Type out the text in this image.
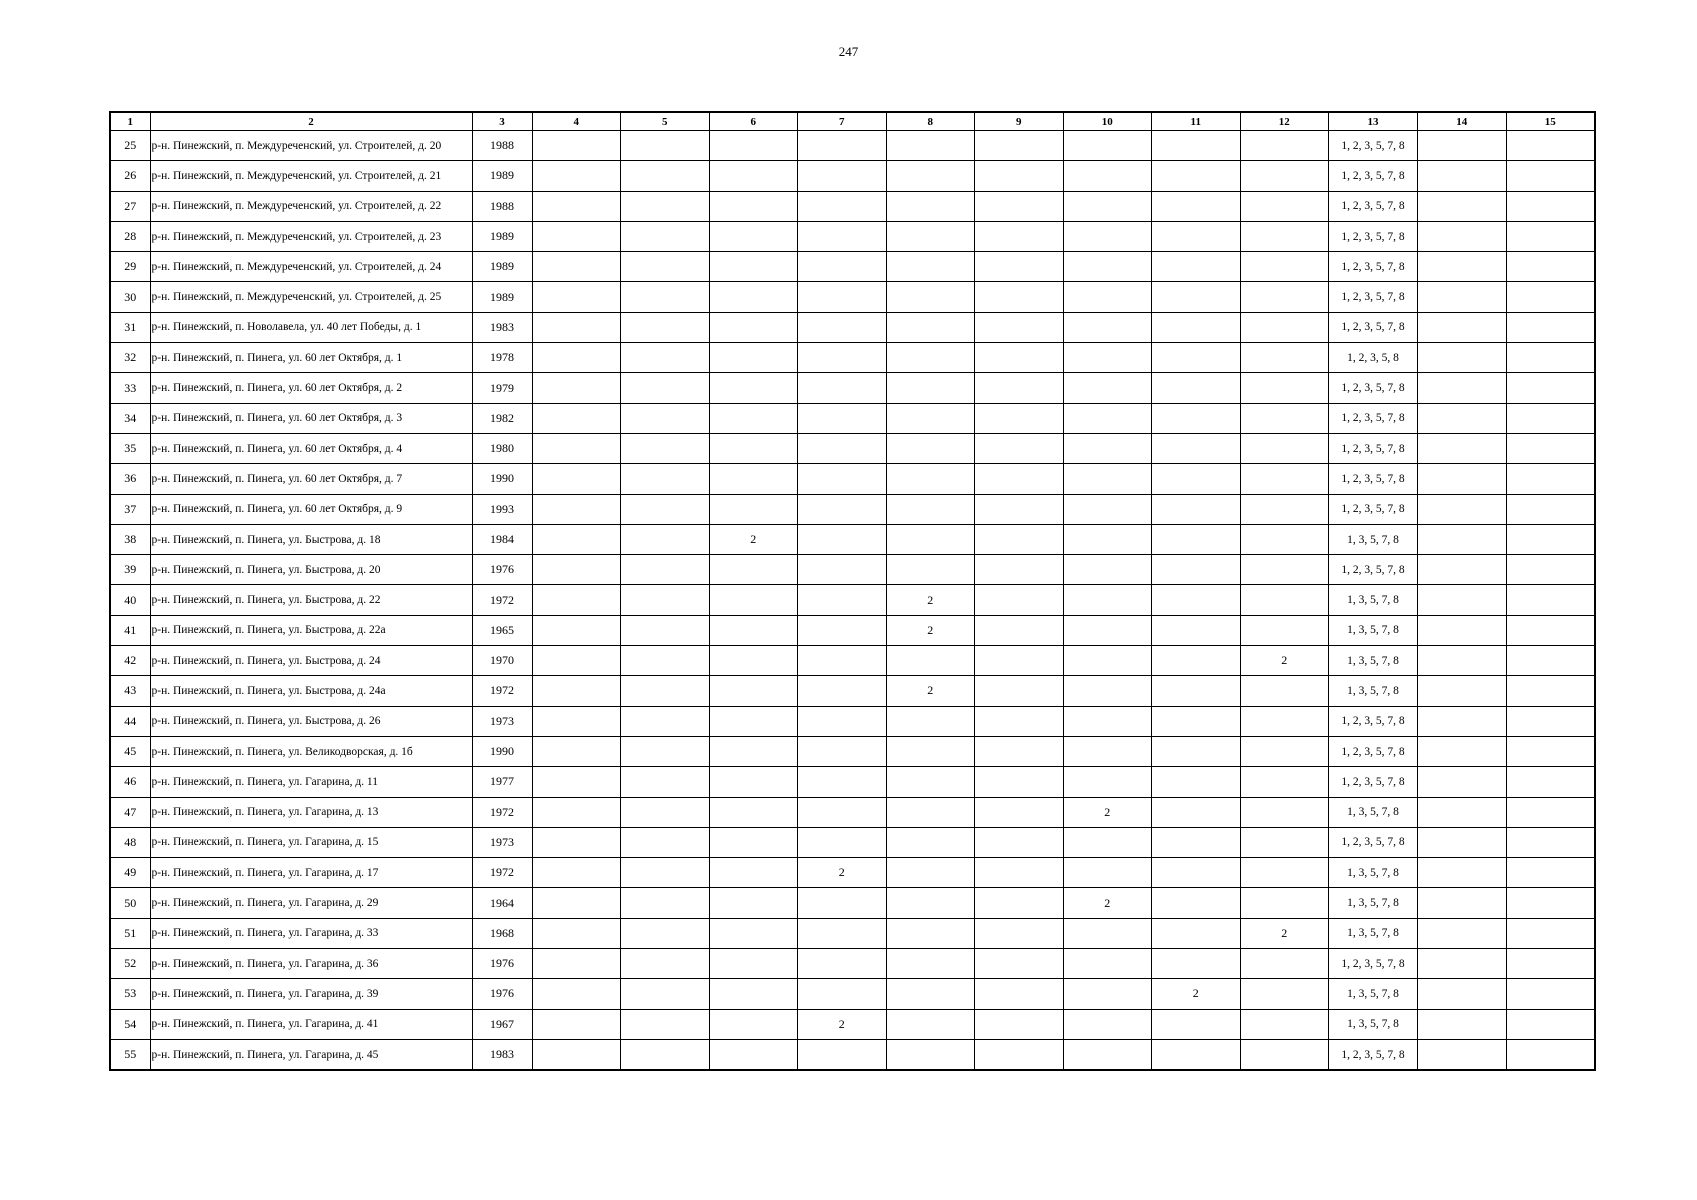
247
1	2	3	4	5	6	7	8	9	10	11	12	13	14	15
25	р-н. Пинежский, п. Междуреченский, ул. Строителей, д. 20	1988										1, 2, 3, 5, 7, 8		
26	р-н. Пинежский, п. Междуреченский, ул. Строителей, д. 21	1989										1, 2, 3, 5, 7, 8		
27	р-н. Пинежский, п. Междуреченский, ул. Строителей, д. 22	1988										1, 2, 3, 5, 7, 8		
28	р-н. Пинежский, п. Междуреченский, ул. Строителей, д. 23	1989										1, 2, 3, 5, 7, 8		
29	р-н. Пинежский, п. Междуреченский, ул. Строителей, д. 24	1989										1, 2, 3, 5, 7, 8		
30	р-н. Пинежский, п. Междуреченский, ул. Строителей, д. 25	1989										1, 2, 3, 5, 7, 8		
31	р-н. Пинежский, п. Новолавела, ул. 40 лет Победы, д. 1	1983										1, 2, 3, 5, 7, 8		
32	р-н. Пинежский, п. Пинега, ул. 60 лет Октября, д. 1	1978										1, 2, 3, 5, 8		
33	р-н. Пинежский, п. Пинега, ул. 60 лет Октября, д. 2	1979										1, 2, 3, 5, 7, 8		
34	р-н. Пинежский, п. Пинега, ул. 60 лет Октября, д. 3	1982										1, 2, 3, 5, 7, 8		
35	р-н. Пинежский, п. Пинега, ул. 60 лет Октября, д. 4	1980										1, 2, 3, 5, 7, 8		
36	р-н. Пинежский, п. Пинега, ул. 60 лет Октября, д. 7	1990										1, 2, 3, 5, 7, 8		
37	р-н. Пинежский, п. Пинега, ул. 60 лет Октября, д. 9	1993										1, 2, 3, 5, 7, 8		
38	р-н. Пинежский, п. Пинега, ул. Быстрова, д. 18	1984			2							1, 3, 5, 7, 8		
39	р-н. Пинежский, п. Пинега, ул. Быстрова, д. 20	1976										1, 2, 3, 5, 7, 8		
40	р-н. Пинежский, п. Пинега, ул. Быстрова, д. 22	1972					2					1, 3, 5, 7, 8		
41	р-н. Пинежский, п. Пинега, ул. Быстрова, д. 22а	1965					2					1, 3, 5, 7, 8		
42	р-н. Пинежский, п. Пинега, ул. Быстрова, д. 24	1970									2	1, 3, 5, 7, 8		
43	р-н. Пинежский, п. Пинега, ул. Быстрова, д. 24а	1972					2					1, 3, 5, 7, 8		
44	р-н. Пинежский, п. Пинега, ул. Быстрова, д. 26	1973										1, 2, 3, 5, 7, 8		
45	р-н. Пинежский, п. Пинега, ул. Великодворская, д. 1б	1990										1, 2, 3, 5, 7, 8		
46	р-н. Пинежский, п. Пинега, ул. Гагарина, д. 11	1977										1, 2, 3, 5, 7, 8		
47	р-н. Пинежский, п. Пинега, ул. Гагарина, д. 13	1972							2			1, 3, 5, 7, 8		
48	р-н. Пинежский, п. Пинега, ул. Гагарина, д. 15	1973										1, 2, 3, 5, 7, 8		
49	р-н. Пинежский, п. Пинега, ул. Гагарина, д. 17	1972				2						1, 3, 5, 7, 8		
50	р-н. Пинежский, п. Пинега, ул. Гагарина, д. 29	1964							2			1, 3, 5, 7, 8		
51	р-н. Пинежский, п. Пинега, ул. Гагарина, д. 33	1968									2	1, 3, 5, 7, 8		
52	р-н. Пинежский, п. Пинега, ул. Гагарина, д. 36	1976										1, 2, 3, 5, 7, 8		
53	р-н. Пинежский, п. Пинега, ул. Гагарина, д. 39	1976								2		1, 3, 5, 7, 8		
54	р-н. Пинежский, п. Пинега, ул. Гагарина, д. 41	1967				2						1, 3, 5, 7, 8		
55	р-н. Пинежский, п. Пинега, ул. Гагарина, д. 45	1983										1, 2, 3, 5, 7, 8		
